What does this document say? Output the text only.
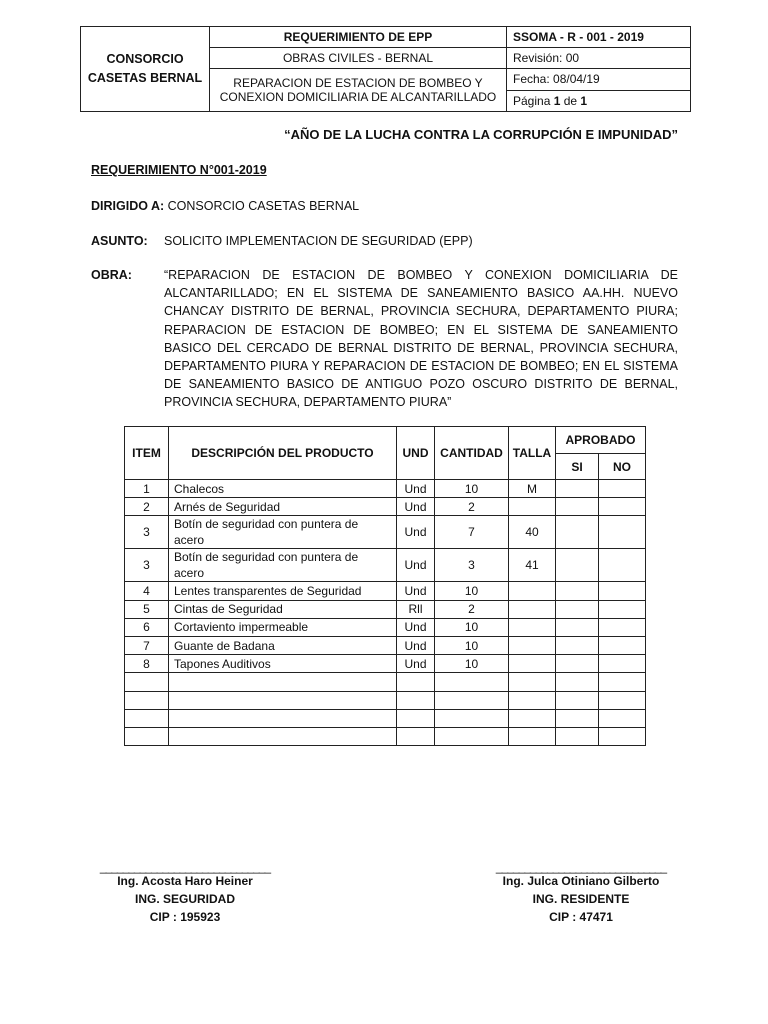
CONSORCIO CASETAS BERNAL	REQUERIMIENTO DE EPP	SSOMA - R - 001 - 2019
	OBRAS CIVILES - BERNAL	Revisión: 00
	REPARACION DE ESTACION DE BOMBEO Y CONEXION DOMICILIARIA DE ALCANTARILLADO	Fecha: 08/04/19
Página 1 de 1
“AÑO DE LA LUCHA CONTRA LA CORRUPCIÓN E IMPUNIDAD”
REQUERIMIENTO N°001-2019
DIRIGIDO A: CONSORCIO CASETAS BERNAL
ASUNTO: SOLICITO IMPLEMENTACION DE SEGURIDAD (EPP)
OBRA:	“REPARACION DE ESTACION DE BOMBEO Y CONEXION DOMICILIARIA DE ALCANTARILLADO; EN EL SISTEMA DE SANEAMIENTO BASICO AA.HH. NUEVO CHANCAY DISTRITO DE BERNAL, PROVINCIA SECHURA, DEPARTAMENTO PIURA; REPARACION DE ESTACION DE BOMBEO; EN EL SISTEMA DE SANEAMIENTO BASICO DEL CERCADO DE BERNAL DISTRITO DE BERNAL, PROVINCIA SECHURA, DEPARTAMENTO PIURA Y REPARACION DE ESTACION DE BOMBEO; EN EL SISTEMA DE SANEAMIENTO BASICO DE ANTIGUO POZO OSCURO DISTRITO DE BERNAL, PROVINCIA SECHURA, DEPARTAMENTO PIURA”
ITEM	DESCRIPCIÓN DEL PRODUCTO	UND	CANTIDAD	TALLA	APROBADO	
					SI	NO
1	Chalecos	Und	10	M		
2	Arnés de Seguridad	Und	2			
3	Botín de seguridad con puntera de acero	Und	7	40		
3	Botín de seguridad con puntera de acero	Und	3	41		
4	Lentes transparentes de Seguridad	Und	10			
5	Cintas de Seguridad	Rll	2			
6	Cortaviento impermeable	Und	10			
7	Guante de Badana	Und	10			
8	Tapones Auditivos	Und	10			

______________________________
Ing. Acosta Haro Heiner
ING. SEGURIDAD
CIP : 195923
______________________________
Ing. Julca Otiniano Gilberto
ING. RESIDENTE
CIP : 47471
